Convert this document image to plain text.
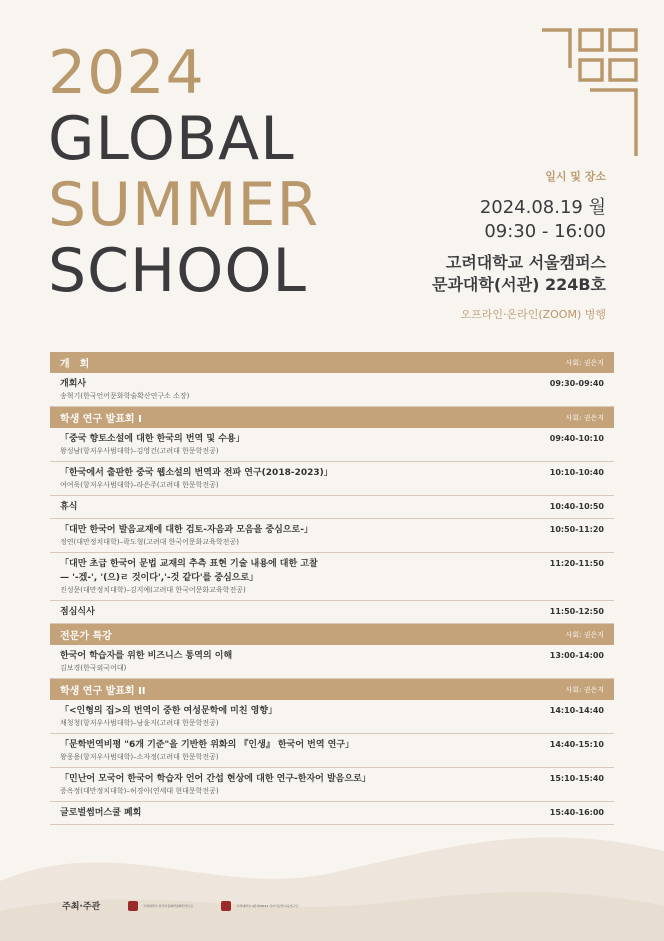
2024
GLOBAL
SUMMER
SCHOOL
일시 및 장소
2024.08.19 월
09:30 - 16:00
고려대학교 서울캠퍼스
문과대학(서관) 224B호
오프라인·온라인(ZOOM) 병행
개　회	사회: 권은지
개회사
송혁기(한국언어문화학술확산연구소 소장)
09:30-09:40
학생 연구 발표회 I	사회: 권은지
「중국 향토소설에 대한 한국의 번역 및 수용」
왕성남(항저우사범대학)–김영건(고려대 한문학전공)
09:40-10:10
「한국에서 출판한 중국 웹소설의 번역과 전파 연구(2018-2023)」
여여욱(항저우사범대학)–라은주(고려대 한문학전공)
10:10-10:40
휴식	10:40-10:50
「대만 한국어 발음교재에 대한 검토-자음과 모음을 중심으로-」
정연(대만정치대학)–곽도형(고려대 한국어문화교육학전공)
10:50-11:20
「대만 초급 한국어 문법 교재의 추측 표현 기술 내용에 대한 고찰
— '-겠-', '(으)ㄹ 것이다','-것 같다'를 중심으로」
진성문(대만정치대학)–김지예(고려대 한국어문화교육학전공)
11:20-11:50
점심식사	11:50-12:50
전문가 특강	사회: 권은지
한국어 학습자를 위한 비즈니스 통역의 이해
김보경(한국외국어대)
13:00-14:00
학생 연구 발표회 II	사회: 권은지
「<인형의 집>의 번역이 중한 여성문학에 미친 영향」
채청청(항저우사범대학)–남윤지(고려대 한문학전공)
14:10-14:40
「문학번역비평 "6개 기준"을 기반한 위화의 『인생』 한국어 번역 연구」
왕웅용(항저우사범대학)–소자정(고려대 한문학전공)
14:40-15:10
「민난어 모국어 한국어 학습자 언어 간섭 현상에 대한 연구-한자어 발음으로」
증옥정(대만정치대학)–허경아(연세대 현대문학전공)
15:10-15:40
글로벌썸머스쿨 폐회	15:40-16:00
주최·주관	고려대학교 한국어문화학술확산연구소	고려대학교 4단계 BK21 국어국문학교육연구단
